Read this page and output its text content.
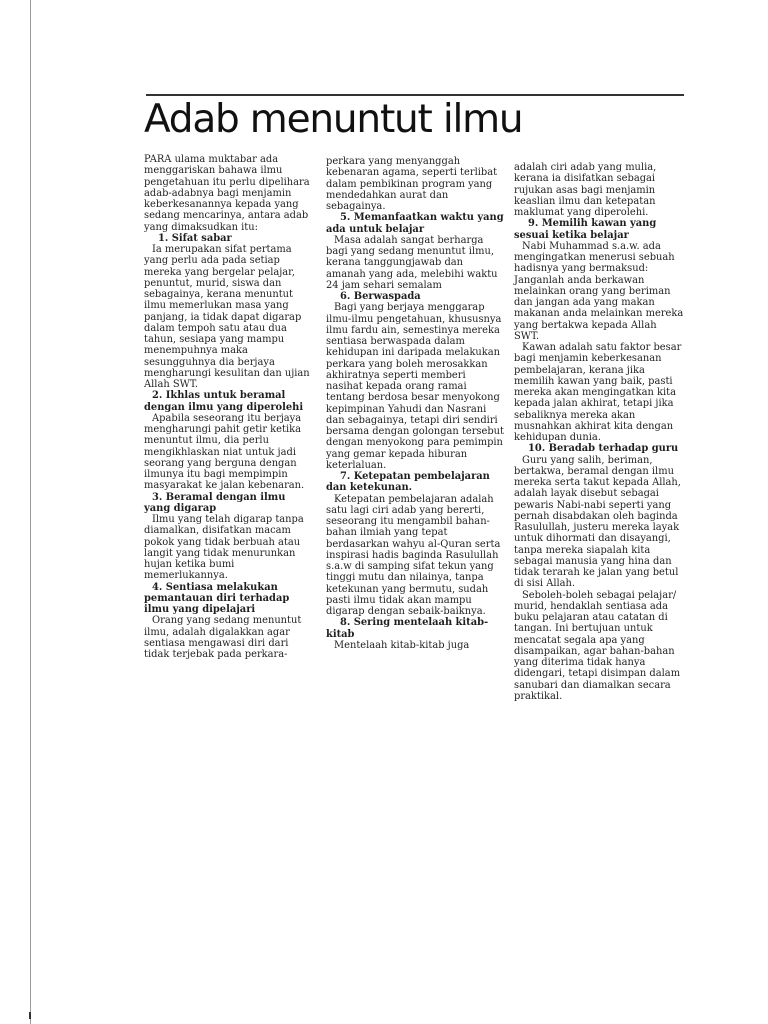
Adab menuntut ilmu

PARA ulama muktabar ada menggariskan bahawa ilmu pengetahuan itu perlu dipelihara adab-adabnya bagi menjamin keberkesanannya kepada yang sedang mencarinya, antara adab yang dimaksudkan itu:

1. Sifat sabar

Ia merupakan sifat pertama yang perlu ada pada setiap mereka yang bergelar pelajar, penuntut, murid, siswa dan sebagainya, kerana menuntut ilmu memerlukan masa yang panjang, ia tidak dapat digarap dalam tempoh satu atau dua tahun, sesiapa yang mampu menempuhnya maka sesungguhnya dia berjaya mengharungi kesulitan dan ujian Allah SWT.

2. Ikhlas untuk beramal dengan ilmu yang diperolehi

Apabila seseorang itu berjaya mengharungi pahit getir ketika menuntut ilmu, dia perlu mengikhlaskan niat untuk jadi seorang yang berguna dengan ilmunya itu bagi mempimpin masyarakat ke jalan kebenaran.

3. Beramal dengan ilmu yang digarap

Ilmu yang telah digarap tanpa diamalkan, disifatkan macam pokok yang tidak berbuah atau langit yang tidak menurunkan hujan ketika bumi memerlukannya.

4. Sentiasa melakukan pemantauan diri terhadap ilmu yang dipelajari

Orang yang sedang menuntut ilmu, adalah digalakkan agar sentiasa mengawasi diri dari tidak terjebak pada perkara-

perkara yang menyanggah kebenaran agama, seperti terlibat dalam pembikinan program yang mendedahkan aurat dan sebagainya.

5. Memanfaatkan waktu yang ada untuk belajar

Masa adalah sangat berharga bagi yang sedang menuntut ilmu, kerana tanggungjawab dan amanah yang ada, melebihi waktu 24 jam sehari semalam

6. Berwaspada

Bagi yang berjaya menggarap ilmu-ilmu pengetahuan, khususnya ilmu fardu ain, semestinya mereka sentiasa berwaspada dalam kehidupan ini daripada melakukan perkara yang boleh merosakkan akhiratnya seperti memberi nasihat kepada orang ramai tentang berdosa besar menyokong kepimpinan Yahudi dan Nasrani dan sebagainya, tetapi diri sendiri bersama dengan golongan tersebut dengan menyokong para pemimpin yang gemar kepada hiburan keterlaluan.

7. Ketepatan pembelajaran dan ketekunan.

Ketepatan pembelajaran adalah satu lagi ciri adab yang bererti, seseorang itu mengambil bahan-bahan ilmiah yang tepat berdasarkan wahyu al-Quran serta inspirasi hadis baginda Rasulullah s.a.w di samping sifat tekun yang tinggi mutu dan nilainya, tanpa ketekunan yang bermutu, sudah pasti ilmu tidak akan mampu digarap dengan sebaik-baiknya.

8. Sering mentelaah kitab-kitab

Mentelaah kitab-kitab juga

adalah ciri adab yang mulia, kerana ia disifatkan sebagai rujukan asas bagi menjamin keaslian ilmu dan ketepatan maklumat yang diperolehi.

9. Memilih kawan yang sesuai ketika belajar

Nabi Muhammad s.a.w. ada mengingatkan menerusi sebuah hadisnya yang bermaksud: Janganlah anda berkawan melainkan orang yang beriman dan jangan ada yang makan makanan anda melainkan mereka yang bertakwa kepada Allah SWT.

Kawan adalah satu faktor besar bagi menjamin keberkesanan pembelajaran, kerana jika memilih kawan yang baik, pasti mereka akan mengingatkan kita kepada jalan akhirat, tetapi jika sebaliknya mereka akan musnahkan akhirat kita dengan kehidupan dunia.

10. Beradab terhadap guru

Guru yang salih, beriman, bertakwa, beramal dengan ilmu mereka serta takut kepada Allah, adalah layak disebut sebagai pewaris Nabi-nabi seperti yang pernah disabdakan oleh baginda Rasulullah, justeru mereka layak untuk dihormati dan disayangi, tanpa mereka siapalah kita sebagai manusia yang hina dan tidak terarah ke jalan yang betul di sisi Allah.

Seboleh-boleh sebagai pelajar/ murid, hendaklah sentiasa ada buku pelajaran atau catatan di tangan. Ini bertujuan untuk mencatat segala apa yang disampaikan, agar bahan-bahan yang diterima tidak hanya didengari, tetapi disimpan dalam sanubari dan diamalkan secara praktikal.
